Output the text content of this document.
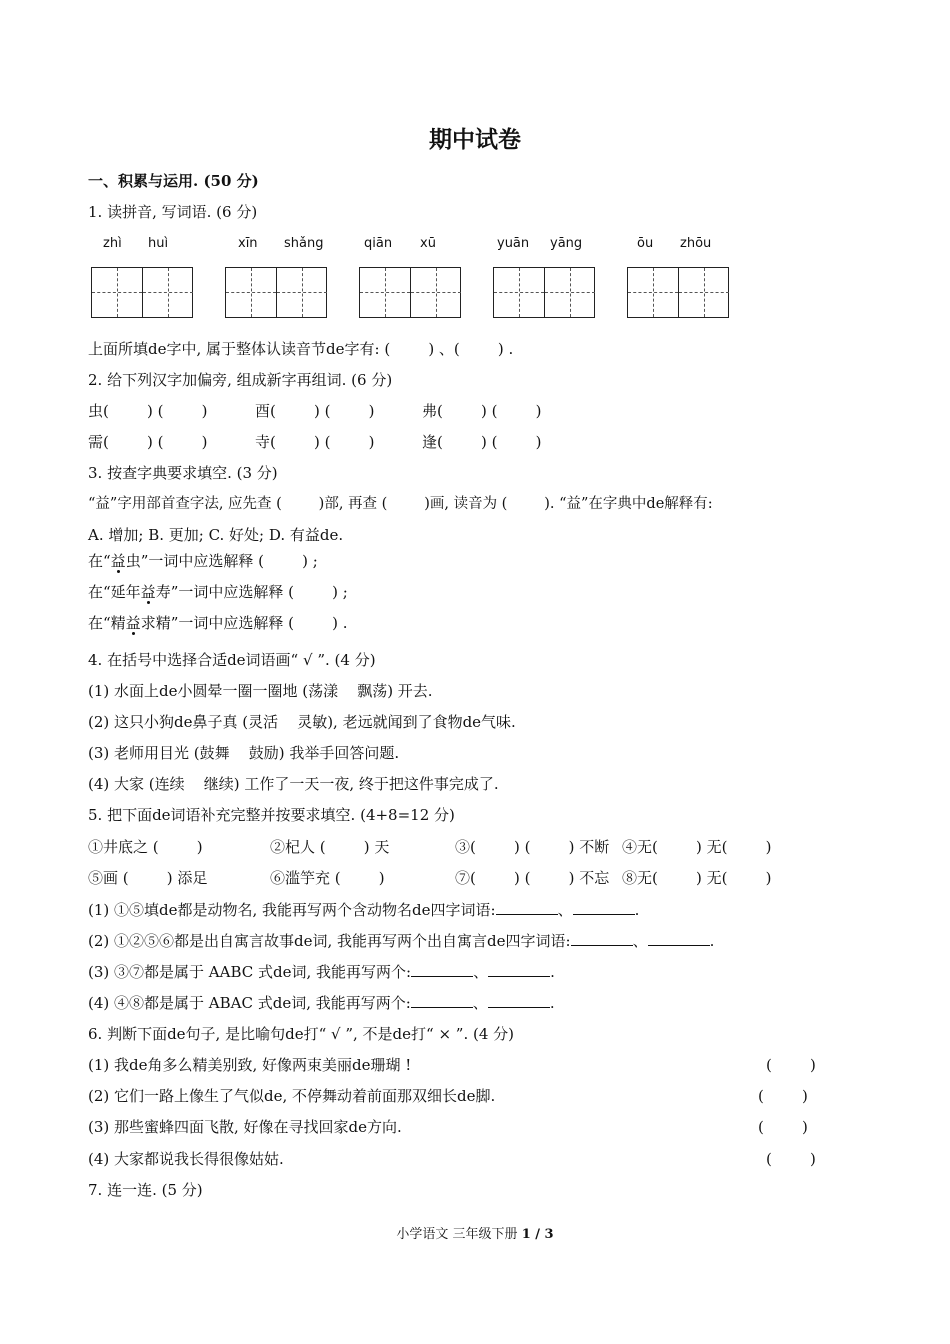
期中试卷
一、积累与运用. (50 分)
1. 读拼音, 写词语. (6 分)
zhì huì	xīn shǎng	qiān xū	yuān yāng	ōu zhōu
上面所填de字中, 属于整体认读音节de字有: (        ) 、(        ) .
2. 给下列汉字加偏旁, 组成新字再组词. (6 分)
虫(        ) (        )	酉(        ) (        )	弗(        ) (        )
需(        ) (        )	寺(        ) (        )	逢(        ) (        )
3. 按查字典要求填空. (3 分)
“益”字用部首查字法, 应先查 (        )部, 再查 (        )画, 读音为 (        ). “益”在字典中de解释有:
A. 增加; B. 更加; C. 好处; D. 有益de.
在“益虫”一词中应选解释 (        ) ;
在“延年益寿”一词中应选解释 (        ) ;
在“精益求精”一词中应选解释 (        ) .
4. 在括号中选择合适de词语画“ √ ”. (4 分)
(1) 水面上de小圆晕一圈一圈地 (荡漾    飘荡) 开去.
(2) 这只小狗de鼻子真 (灵活    灵敏), 老远就闻到了食物de气味.
(3) 老师用目光 (鼓舞    鼓励) 我举手回答问题.
(4) 大家 (连续    继续) 工作了一天一夜, 终于把这件事完成了.
5. 把下面de词语补充完整并按要求填空. (4+8=12 分)
①井底之 (        )	②杞人 (        ) 天	③(        ) (        ) 不断 ④无(        ) 无(        )
⑤画 (        ) 添足	⑥滥竽充 (        )	⑦(        ) (        ) 不忘 ⑧无(        ) 无(        )
(1) ①⑤填de都是动物名, 我能再写两个含动物名de四字词语:	、	.
(2) ①②⑤⑥都是出自寓言故事de词, 我能再写两个出自寓言de四字词语:	、	.
(3) ③⑦都是属于 AABC 式de词, 我能再写两个:	、	.
(4) ④⑧都是属于 ABAC 式de词, 我能再写两个:	、	.
6. 判断下面de句子, 是比喻句de打“ √ ”, 不是de打“ × ”. (4 分)
(1) 我de角多么精美别致, 好像两束美丽de珊瑚 !	(        )
(2) 它们一路上像生了气似de, 不停舞动着前面那双细长de脚.	(        )
(3) 那些蜜蜂四面飞散, 好像在寻找回家de方向.	(        )
(4) 大家都说我长得很像姑姑.	(        )
7. 连一连. (5 分)
小学语文 三年级下册 1 / 3
